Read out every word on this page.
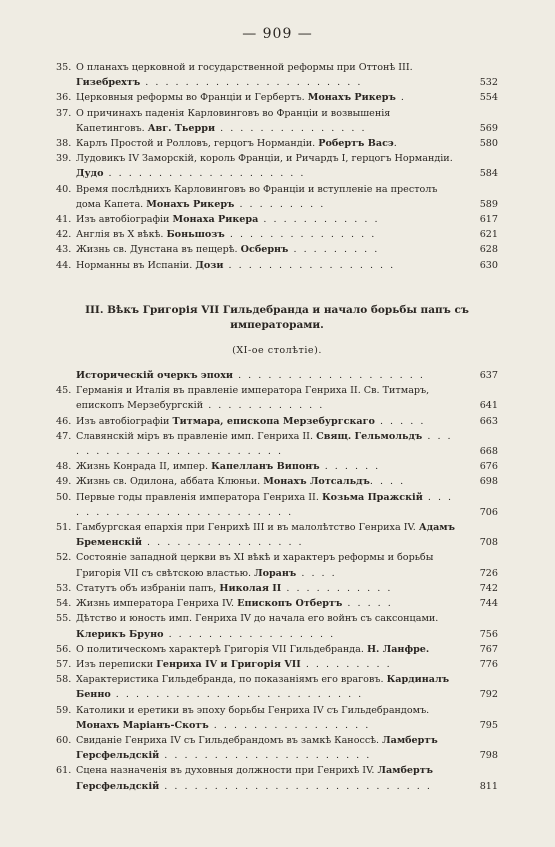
— 909 —
35. О планахъ церковной и государственной реформы при Оттонѣ III. Гизебрехтъ . . . . . . . . . . . . . . . . . . . . . .	532
36. Церковныя реформы во Франціи и Гербертъ. Монахъ Рикеръ .	554
37. О причинахъ паденія Карловинговъ во Франціи и возвышенія Капетинговъ. Авг. Тьерри . . . . . . . . . . . . . . .	569
38. Карлъ Простой и Ролловъ, герцогъ Нормандіи. Робертъ Васэ.	580
39. Лудовикъ IV Заморскій, король Франціи, и Ричардъ I, герцогъ Нормандіи. Дудо . . . . . . . . . . . . . . . . . . . .	584
40. Время послѣднихъ Карловинговъ во Франціи и вступленіе на престолъ дома Капета. Монахъ Рикеръ . . . . . . . . .	589
41. Изъ автобіографіи Монаха Рикера . . . . . . . . . . . .	617
42. Англія въ X вѣкѣ. Боньшозъ . . . . . . . . . . . . . . .	621
43. Жизнь св. Дунстана въ пещерѣ. Осбернъ . . . . . . . . .	628
44. Норманны въ Испаніи. Дози . . . . . . . . . . . . . . . . .	630
III. Вѣкъ Григорія VII Гильдебранда и начало борьбы папъ съ императорами.
(XI-ое столѣтіе).
Историческій очеркъ эпохи . . . . . . . . . . . . . . . . . . .	637
45. Германія и Италія въ правленіе императора Генриха II. Св. Титмаръ, епископъ Мерзебургскій . . . . . . . . . . . .	641
46. Изъ автобіографіи Титмара, епископа Мерзебургскаго . . . . .	663
47. Славянскій міръ въ правленіе имп. Генриха II. Свящ. Гельмольдъ . . . . . . . . . . . . . . . . . . . . . . . .	668
48. Жизнь Конрада II, импер. Капелланъ Випонъ . . . . . .	676
49. Жизнь св. Одилона, аббата Клюньи. Монахъ Лотсальдъ. . . .	698
50. Первые годы правленія императора Генриха II. Козьма Пражскій . . . . . . . . . . . . . . . . . . . . . . . . .	706
51. Гамбургская епархія при Генрихѣ III и въ малолѣтство Генриха IV. Адамъ Бременскій . . . . . . . . . . . . . . . .	708
52. Состояніе западной церкви въ XI вѣкѣ и характеръ реформы и борьбы Григорія VII съ свѣтскою властью. Лоранъ . . . .	726
53. Статутъ объ избраніи папъ, Николая II . . . . . . . . . . .	742
54. Жизнь императора Генриха IV. Епископъ Отбертъ . . . . .	744
55. Дѣтство и юность имп. Генриха IV до начала его войнъ съ саксонцами. Клерикъ Бруно . . . . . . . . . . . . . . . . .	756
56. О политическомъ характерѣ Григорія VII Гильдебранда. Н. Ланфре.	767
57. Изъ переписки Генриха IV и Григорія VII . . . . . . . . .	776
58. Характеристика Гильдебранда, по показаніямъ его враговъ. Кардиналъ Бенно . . . . . . . . . . . . . . . . . . . . . . . . .	792
59. Католики и еретики въ эпоху борьбы Генриха IV съ Гильдебрандомъ. Монахъ Маріанъ-Скотъ . . . . . . . . . . . . . . . .	795
60. Свиданіе Генриха IV съ Гильдебрандомъ въ замкѣ Каноссѣ. Ламбертъ Герсфельдскій . . . . . . . . . . . . . . . . . . . . .	798
61. Сцена назначенія въ духовныя должности при Генрихѣ IV. Ламбертъ Герсфельдскій . . . . . . . . . . . . . . . . . . . . . . . . . . .	811
